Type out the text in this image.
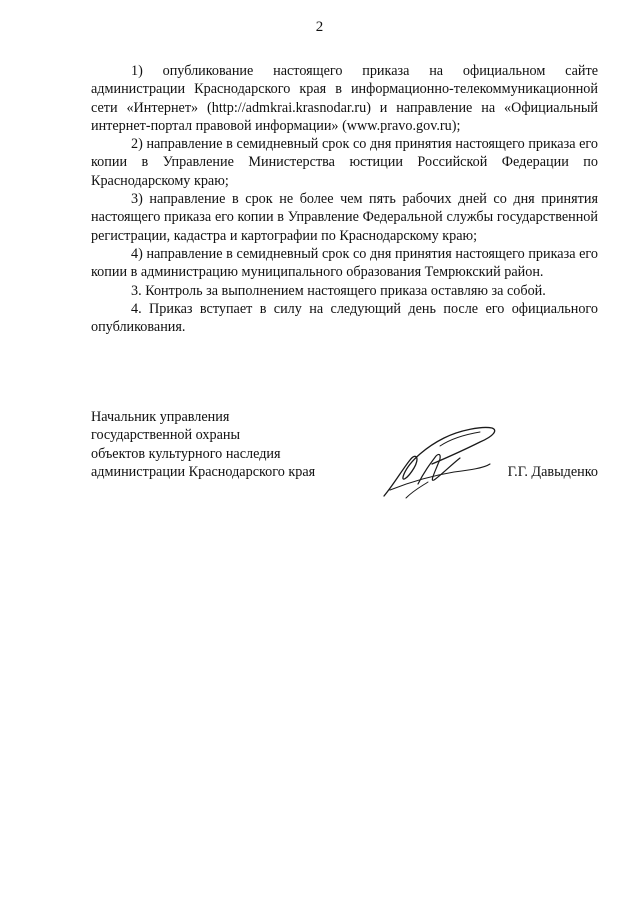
2

1) опубликование настоящего приказа на официальном сайте администрации Краснодарского края в информационно-телекоммуникационной сети «Интернет» (http://admkrai.krasnodar.ru) и направление на «Официальный интернет-портал правовой информации» (www.pravo.gov.ru);

2) направление в семидневный срок со дня принятия настоящего приказа его копии в Управление Министерства юстиции Российской Федерации по Краснодарскому краю;

3) направление в срок не более чем пять рабочих дней со дня принятия настоящего приказа его копии в Управление Федеральной службы государственной регистрации, кадастра и картографии по Краснодарскому краю;

4) направление в семидневный срок со дня принятия настоящего приказа его копии в администрацию муниципального образования Темрюкский район.

3. Контроль за выполнением настоящего приказа оставляю за собой.

4. Приказ вступает в силу на следующий день после его официального опубликования.

Начальник управления
государственной охраны
объектов культурного наследия
администрации Краснодарского края	Г.Г. Давыденко
